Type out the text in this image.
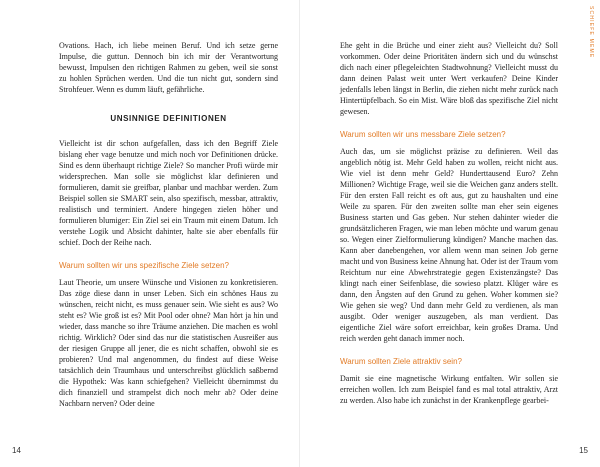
Ovations. Hach, ich liebe meinen Beruf. Und ich setze gerne Impulse, die guttun. Dennoch bin ich mir der Verantwortung bewusst, Impulsen den richtigen Rahmen zu geben, weil sie sonst zu hohlen Sprüchen werden. Und die tun nicht gut, sondern sind Strohfeuer. Wenn es dumm läuft, gefährliche.

UNSINNIGE DEFINITIONEN

Vielleicht ist dir schon aufgefallen, dass ich den Begriff Ziele bislang eher vage benutze und mich noch vor Definitionen drücke. Sind es denn überhaupt richtige Ziele? So mancher Profi würde mir widersprechen. Man solle sie möglichst klar definieren und formulieren, damit sie greifbar, planbar und machbar werden. Zum Beispiel sollen sie SMART sein, also spezifisch, messbar, attraktiv, realistisch und terminiert. Andere hingegen zielen höher und formulieren blumiger: Ein Ziel sei ein Traum mit einem Datum. Ich verstehe Logik und Absicht dahinter, halte sie aber ebenfalls für schief. Doch der Reihe nach.

Warum sollten wir uns spezifische Ziele setzen?

Laut Theorie, um unsere Wünsche und Visionen zu konkretisieren. Das zöge diese dann in unser Leben. Sich ein schönes Haus zu wünschen, reicht nicht, es muss genauer sein. Wie sieht es aus? Wo steht es? Wie groß ist es? Mit Pool oder ohne? Man hört ja hin und wieder, dass manche so ihre Träume anziehen. Die machen es wohl richtig. Wirklich? Oder sind das nur die statistischen Ausreißer aus der riesigen Gruppe all jener, die es nicht schaffen, obwohl sie es probieren? Und mal angenommen, du findest auf diese Weise tatsächlich dein Traumhaus und unterschreibst glücklich saßbernd die Hypothek: Was kann schiefgehen? Vielleicht übernimmst du dich finanziell und strampelst dich noch mehr ab? Oder deine Nachbarn nerven? Oder deine

14
SCHIEFE MEME

Ehe geht in die Brüche und einer zieht aus? Vielleicht du? Soll vorkommen. Oder deine Prioritäten ändern sich und du wünschst dich nach einer pflegeleichten Stadtwohnung? Vielleicht musst du dann deinen Palast weit unter Wert verkaufen? Deine Kinder jedenfalls leben längst in Berlin, die ziehen nicht mehr zurück nach Hintertüpfelbach. So ein Mist. Wäre bloß das spezifische Ziel nicht gewesen.

Warum sollten wir uns messbare Ziele setzen?

Auch das, um sie möglichst präzise zu definieren. Weil das angeblich nötig ist. Mehr Geld haben zu wollen, reicht nicht aus. Wie viel ist denn mehr Geld? Hunderttausend Euro? Zehn Millionen? Wichtige Frage, weil sie die Weichen ganz anders stellt. Für den ersten Fall reicht es oft aus, gut zu haushalten und eine Weile zu sparen. Für den zweiten sollte man eher sein eigenes Business starten und Gas geben. Nur stehen dahinter wieder die grundsätzlicheren Fragen, wie man leben möchte und warum genau so. Wegen einer Zielformulierung kündigen? Manche machen das. Kann aber danebengehen, vor allem wenn man seinen Job gerne macht und von Business keine Ahnung hat. Oder ist der Traum vom Reichtum nur eine Abwehrstrategie gegen Existenzängste? Das klingt nach einer Seifenblase, die sowieso platzt. Klüger wäre es dann, den Ängsten auf den Grund zu gehen. Woher kommen sie? Wie gehen sie weg? Und dann mehr Geld zu verdienen, als man ausgibt. Oder weniger auszugeben, als man verdient. Das eigentliche Ziel wäre sofort erreichbar, kein großes Drama. Und reich werden geht danach immer noch.

Warum sollten Ziele attraktiv sein?

Damit sie eine magnetische Wirkung entfalten. Wir sollen sie erreichen wollen. Ich zum Beispiel fand es mal total attraktiv, Arzt zu werden. Also habe ich zunächst in der Krankenpflege gearbei-

15
